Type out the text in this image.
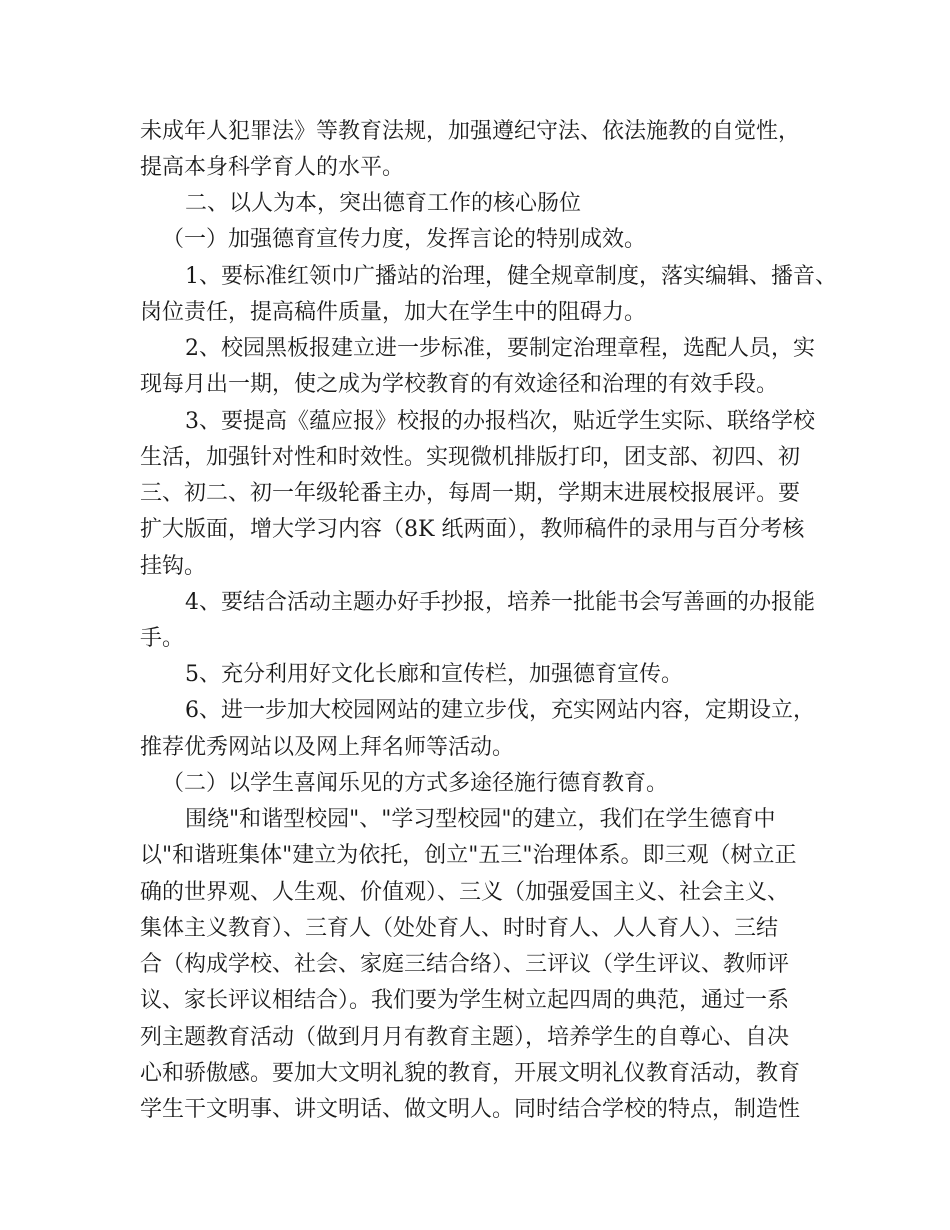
未成年人犯罪法》等教育法规，加强遵纪守法、依法施教的自觉性，
提高本身科学育人的水平。
二、以人为本，突出德育工作的核心肠位
（一）加强德育宣传力度，发挥言论的特别成效。
1、要标准红领巾广播站的治理，健全规章制度，落实编辑、播音、
岗位责任，提高稿件质量，加大在学生中的阻碍力。
2、校园黑板报建立进一步标准，要制定治理章程，选配人员，实
现每月出一期，使之成为学校教育的有效途径和治理的有效手段。
3、要提高《蕴应报》校报的办报档次，贴近学生实际、联络学校
生活，加强针对性和时效性。实现微机排版打印，团支部、初四、初
三、初二、初一年级轮番主办，每周一期，学期末进展校报展评。要
扩大版面，增大学习内容（8K 纸两面），教师稿件的录用与百分考核
挂钩。
4、要结合活动主题办好手抄报，培养一批能书会写善画的办报能
手。
5、充分利用好文化长廊和宣传栏，加强德育宣传。
6、进一步加大校园网站的建立步伐，充实网站内容，定期设立，
推荐优秀网站以及网上拜名师等活动。
（二）以学生喜闻乐见的方式多途径施行德育教育。
围绕"和谐型校园"、"学习型校园"的建立，我们在学生德育中
以"和谐班集体"建立为依托，创立"五三"治理体系。即三观（树立正
确的世界观、人生观、价值观）、三义（加强爱国主义、社会主义、
集体主义教育）、三育人（处处育人、时时育人、人人育人）、三结
合（构成学校、社会、家庭三结合络）、三评议（学生评议、教师评
议、家长评议相结合）。我们要为学生树立起四周的典范，通过一系
列主题教育活动（做到月月有教育主题），培养学生的自尊心、自决
心和骄傲感。要加大文明礼貌的教育，开展文明礼仪教育活动，教育
学生干文明事、讲文明话、做文明人。同时结合学校的特点，制造性
